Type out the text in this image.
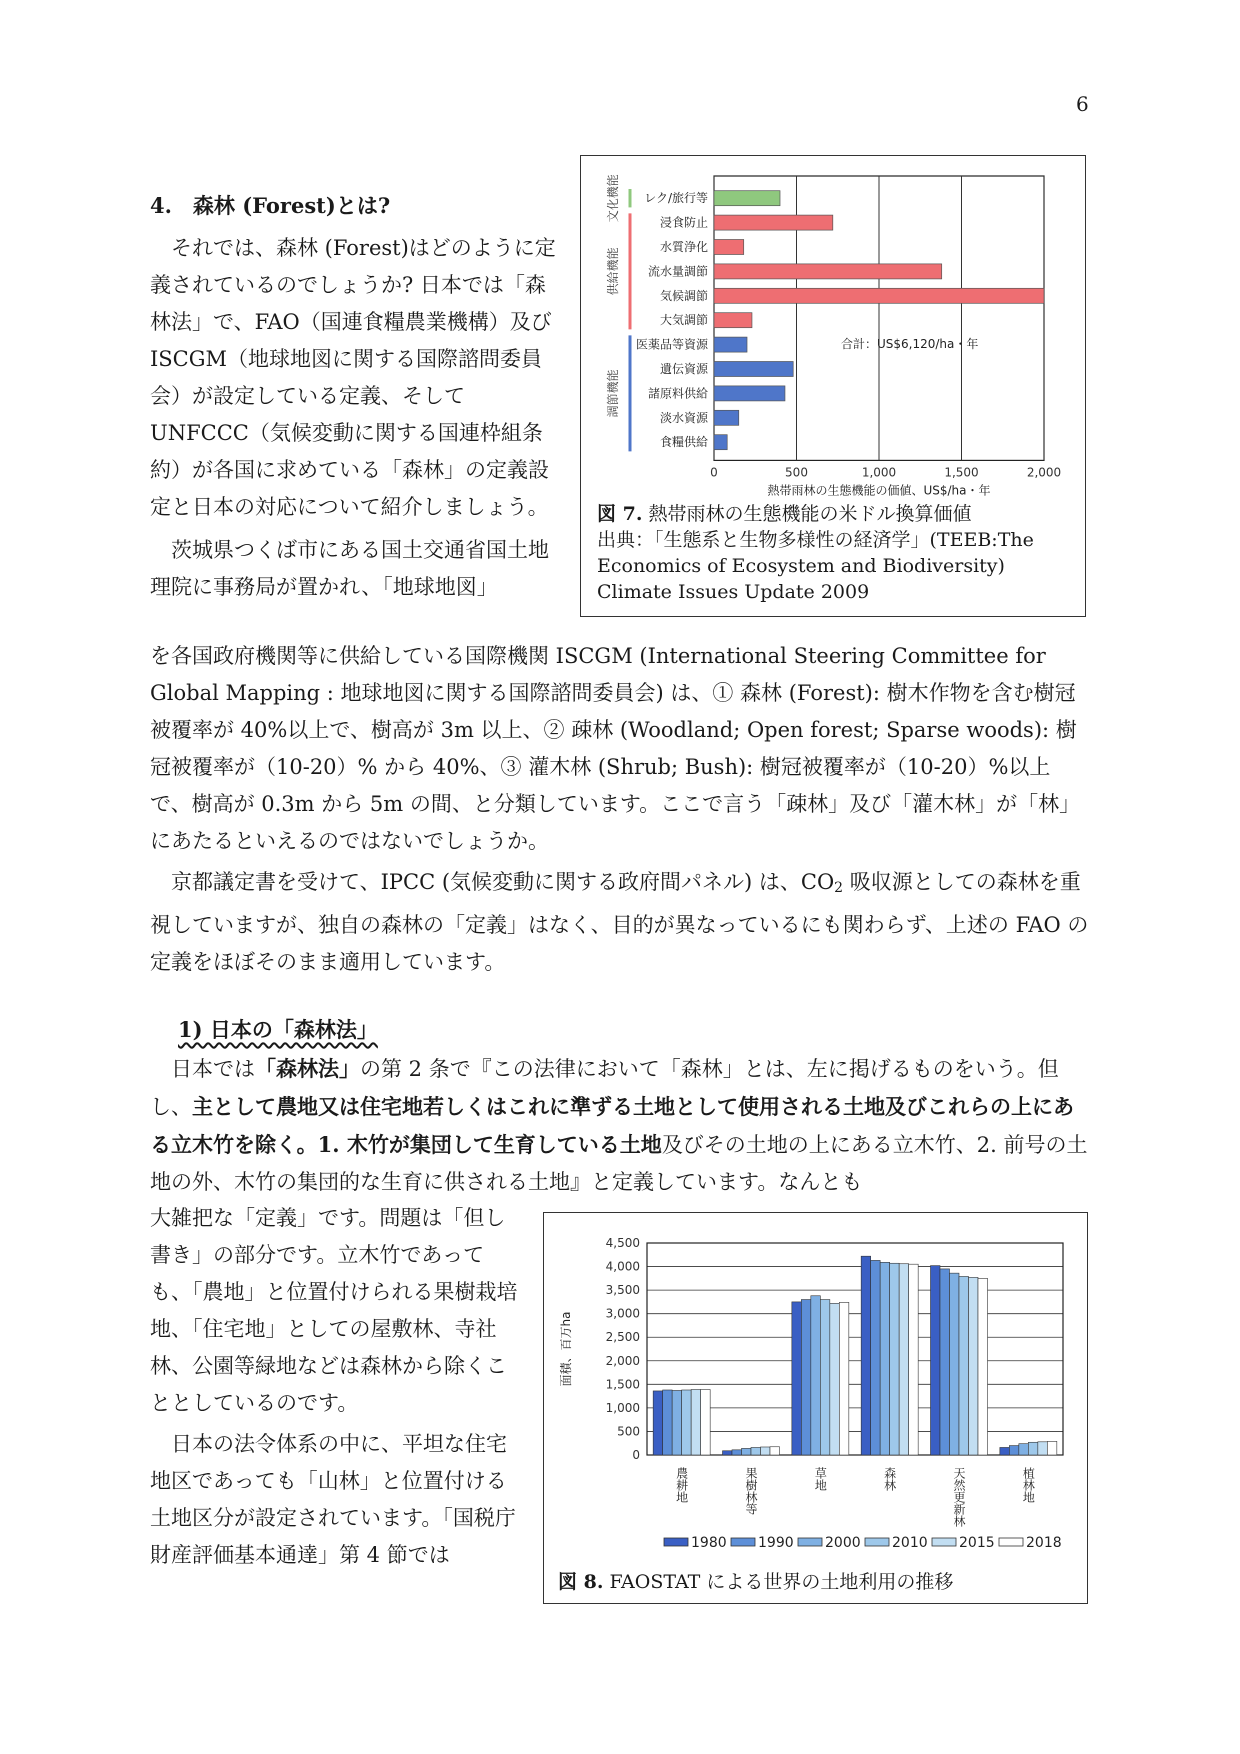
6

4.　森林 (Forest)とは?

それでは、森林 (Forest)はどのように定義されているのでしょうか? 日本では「森林法」で、FAO（国連食糧農業機構）及び ISCGM（地球地図に関する国際諮問委員会）が設定している定義、そして UNFCCC（気候変動に関する国連枠組条約）が各国に求めている「森林」の定義設定と日本の対応について紹介しましょう。

茨城県つくば市にある国土交通省国土地理院に事務局が置かれ、「地球地図」

0	500	1,000	1,500	2,000
熱帯雨林の生態機能の価値、US$/ha・年
レク/旅行等
浸食防止
水質浄化
流水量調節
気候調節
大気調節
医薬品等資源
遺伝資源
諸原料供給
淡水資源
食糧供給
文化機能
供給機能
調節機能
合計：US$6,120/ha・年

図 7. 熱帯雨林の生態機能の米ドル換算価値

出典：「生態系と生物多様性の経済学」(TEEB:The Economics of Ecosystem and Biodiversity) Climate Issues Update 2009

を各国政府機関等に供給している国際機関 ISCGM (International Steering Committee for Global Mapping : 地球地図に関する国際諮問委員会) は、① 森林 (Forest): 樹木作物を含む樹冠被覆率が 40%以上で、樹高が 3m 以上、② 疎林 (Woodland; Open forest; Sparse woods): 樹冠被覆率が（10-20）% から 40%、③ 灌木林 (Shrub; Bush): 樹冠被覆率が（10-20）%以上で、樹高が 0.3m から 5m の間、と分類しています。ここで言う「疎林」及び「灌木林」が「林」にあたるといえるのではないでしょうか。

京都議定書を受けて、IPCC (気候変動に関する政府間パネル) は、$CO_2$ 吸収源としての森林を重視していますが、独自の森林の「定義」はなく、目的が異なっているにも関わらず、上述の FAO の定義をほぼそのまま適用しています。

1) 日本の「森林法」

日本では「森林法」の第 2 条で『この法律において「森林」とは、左に掲げるものをいう。但し、主として農地又は住宅地若しくはこれに準ずる土地として使用される土地及びこれらの上にある立木竹を除く。1. 木竹が集団して生育している土地及びその土地の上にある立木竹、2. 前号の土地の外、木竹の集団的な生育に供される土地』と定義しています。なんとも

大雑把な「定義」です。問題は「但し書き」の部分です。立木竹であっても、「農地」と位置付けられる果樹栽培地、「住宅地」としての屋敷林、寺社林、公園等緑地などは森林から除くこととしているのです。

日本の法令体系の中に、平坦な住宅地区であっても「山林」と位置付ける土地区分が設定されています。「国税庁財産評価基本通達」第 4 節では

0
500
1,000
1,500
2,000
2,500
3,000
3,500
4,000
4,500
面積、百万ha
農耕地	果樹林等	草地	森林	天然更新林	植林地
1980 1990 2000 2010 2015 2018

図 8. FAOSTAT による世界の土地利用の推移
